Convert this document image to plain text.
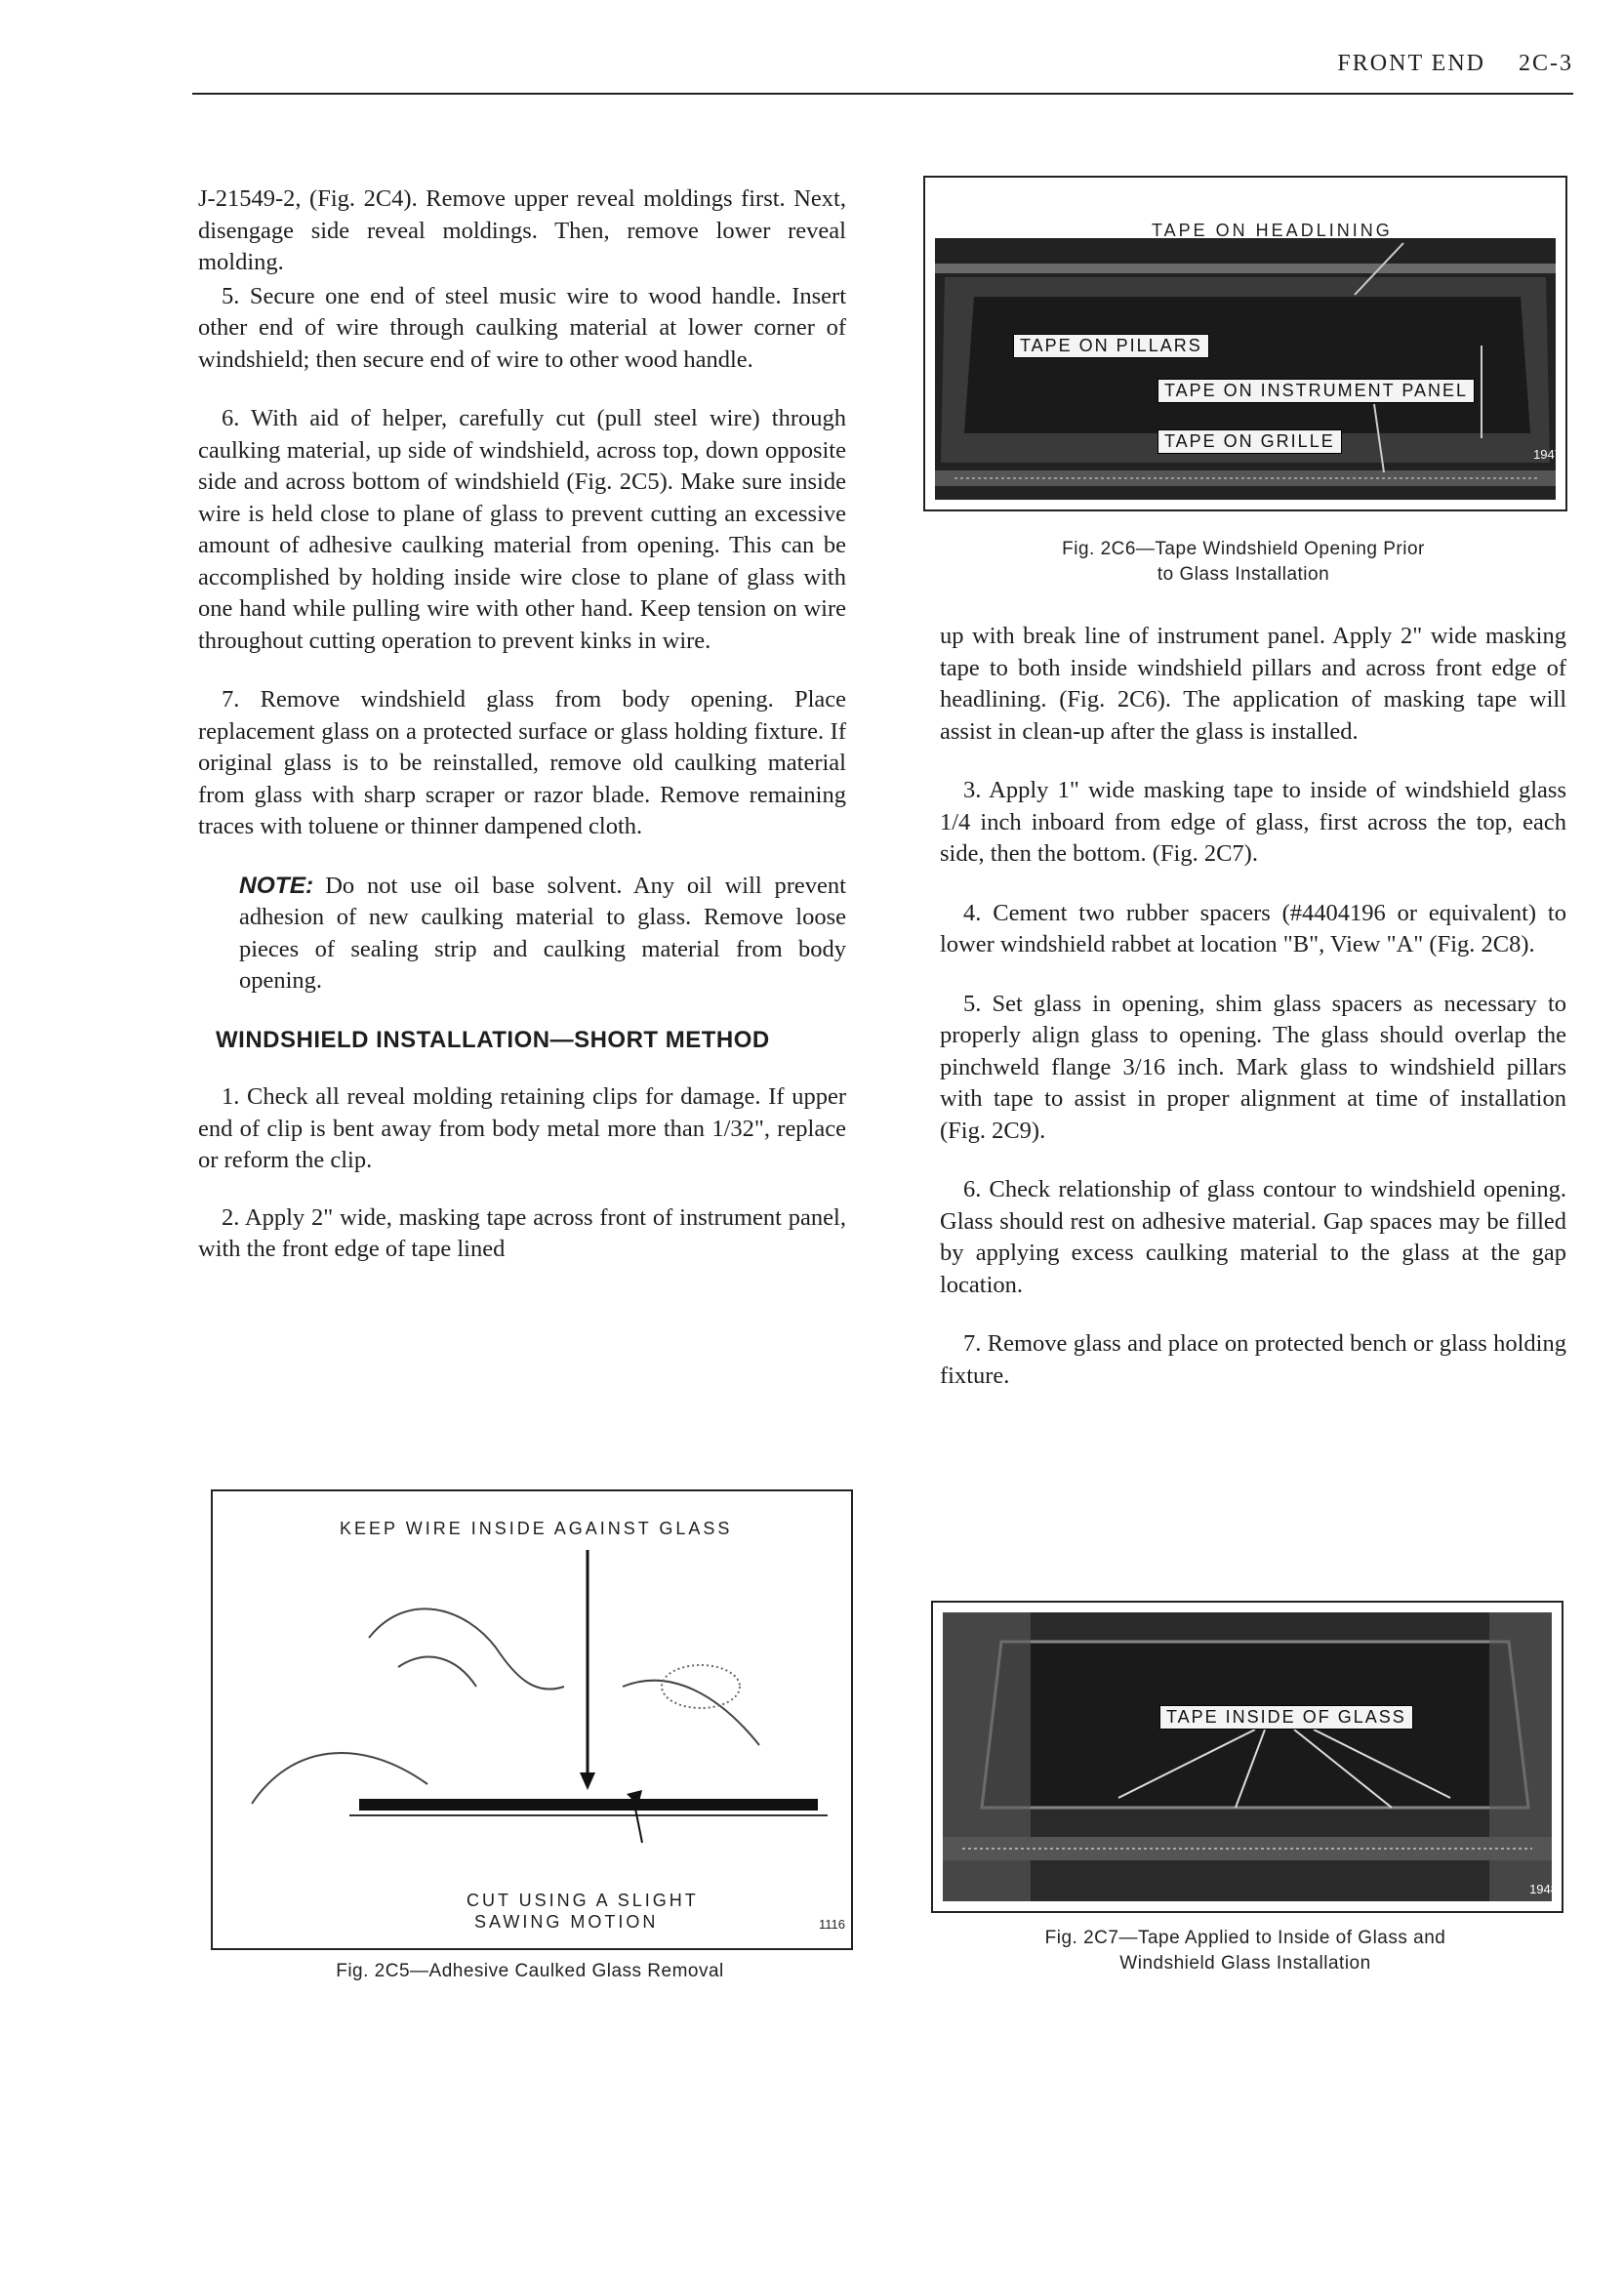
FRONT END 2C-3

J-21549-2, (Fig. 2C4). Remove upper reveal moldings first. Next, disengage side reveal moldings. Then, remove lower reveal molding.

5. Secure one end of steel music wire to wood handle. Insert other end of wire through caulking material at lower corner of windshield; then secure end of wire to other wood handle.

6. With aid of helper, carefully cut (pull steel wire) through caulking material, up side of windshield, across top, down opposite side and across bottom of windshield (Fig. 2C5). Make sure inside wire is held close to plane of glass to prevent cutting an excessive amount of adhesive caulking material from opening. This can be accomplished by holding inside wire close to plane of glass with one hand while pulling wire with other hand. Keep tension on wire throughout cutting operation to prevent kinks in wire.

7. Remove windshield glass from body opening. Place replacement glass on a protected surface or glass holding fixture. If original glass is to be reinstalled, remove old caulking material from glass with sharp scraper or razor blade. Remove remaining traces with toluene or thinner dampened cloth.

NOTE: Do not use oil base solvent. Any oil will prevent adhesion of new caulking material to glass. Remove loose pieces of sealing strip and caulking material from body opening.

WINDSHIELD INSTALLATION—SHORT METHOD

1. Check all reveal molding retaining clips for damage. If upper end of clip is bent away from body metal more than 1/32", replace or reform the clip.

2. Apply 2" wide, masking tape across front of instrument panel, with the front edge of tape lined

TAPE ON PILLARS
TAPE ON INSTRUMENT PANEL
TAPE ON GRILLE
TAPE ON HEADLINING
1947
Fig. 2C6—Tape Windshield Opening Prior
to Glass Installation

up with break line of instrument panel. Apply 2" wide masking tape to both inside windshield pillars and across front edge of headlining. (Fig. 2C6). The application of masking tape will assist in clean-up after the glass is installed.

3. Apply 1" wide masking tape to inside of windshield glass 1/4 inch inboard from edge of glass, first across the top, each side, then the bottom. (Fig. 2C7).

4. Cement two rubber spacers (#4404196 or equivalent) to lower windshield rabbet at location "B", View "A" (Fig. 2C8).

5. Set glass in opening, shim glass spacers as necessary to properly align glass to opening. The glass should overlap the pinchweld flange 3/16 inch. Mark glass to windshield pillars with tape to assist in proper alignment at time of installation (Fig. 2C9).

6. Check relationship of glass contour to windshield opening. Glass should rest on adhesive material. Gap spaces may be filled by applying excess caulking material to the glass at the gap location.

7. Remove glass and place on protected bench or glass holding fixture.

KEEP WIRE INSIDE AGAINST GLASS
CUT USING A SLIGHT
SAWING MOTION	1116
Fig. 2C5—Adhesive Caulked Glass Removal
TAPE INSIDE OF GLASS
1948
Fig. 2C7—Tape Applied to Inside of Glass and
Windshield Glass Installation
